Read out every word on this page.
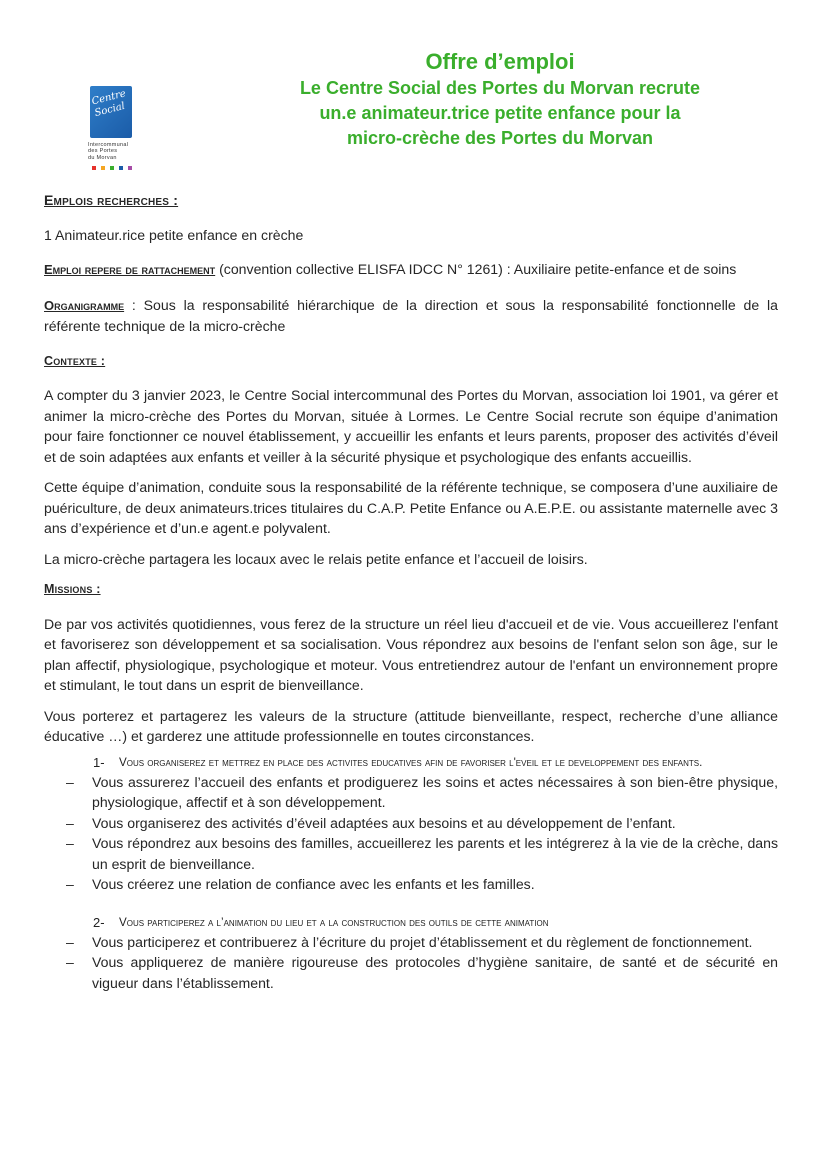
Centre Social
Intercommunal
des Portes
du Morvan
Offre d’emploi
Le Centre Social des Portes du Morvan recrute
un.e animateur.trice petite enfance pour la
micro-crèche des Portes du Morvan
Emplois recherches :

1 Animateur.rice petite enfance en crèche

Emploi repere de rattachement (convention collective ELISFA IDCC N° 1261) : Auxiliaire petite-enfance et de soins

Organigramme : Sous la responsabilité hiérarchique de la direction et sous la responsabilité fonctionnelle de la référente technique de la micro-crèche

Contexte :

A compter du 3 janvier 2023, le Centre Social intercommunal des Portes du Morvan, association loi 1901, va gérer et animer la micro-crèche des Portes du Morvan, située à Lormes. Le Centre Social recrute son équipe d’animation pour faire fonctionner ce nouvel établissement, y accueillir les enfants et leurs parents, proposer des activités d’éveil et de soin adaptées aux enfants et veiller à la sécurité physique et psychologique des enfants accueillis.

Cette équipe d’animation, conduite sous la responsabilité de la référente technique, se composera d’une auxiliaire de puériculture, de deux animateurs.trices titulaires du C.A.P. Petite Enfance ou A.E.P.E. ou assistante maternelle avec 3 ans d’expérience et d’un.e agent.e polyvalent.

La micro-crèche partagera les locaux avec le relais petite enfance et l’accueil de loisirs.

Missions :

De par vos activités quotidiennes, vous ferez de la structure un réel lieu d'accueil et de vie. Vous accueillerez l'enfant et favoriserez son développement et sa socialisation. Vous répondrez aux besoins de l'enfant selon son âge, sur le plan affectif, physiologique, psychologique et moteur. Vous entretiendrez autour de l'enfant un environnement propre et stimulant, le tout dans un esprit de bienveillance.

Vous porterez et partagerez les valeurs de la structure (attitude bienveillante, respect, recherche d’une alliance éducative …) et garderez une attitude professionnelle en toutes circonstances.

1-	Vous organiserez et mettrez en place des activites educatives afin de favoriser l'eveil et le developpement des enfants.
– Vous assurerez l’accueil des enfants et prodiguerez les soins et actes nécessaires à son bien-être physique, physiologique, affectif et à son développement.
– Vous organiserez des activités d’éveil adaptées aux besoins et au développement de l’enfant.
– Vous répondrez aux besoins des familles, accueillerez les parents et les intégrerez à la vie de la crèche, dans un esprit de bienveillance.
– Vous créerez une relation de confiance avec les enfants et les familles.
2-	Vous participerez a l’animation du lieu et a la construction des outils de cette animation
– Vous participerez et contribuerez à l’écriture du projet d’établissement et du règlement de fonctionnement.
– Vous appliquerez de manière rigoureuse des protocoles d’hygiène sanitaire, de santé et de sécurité en vigueur dans l’établissement.
